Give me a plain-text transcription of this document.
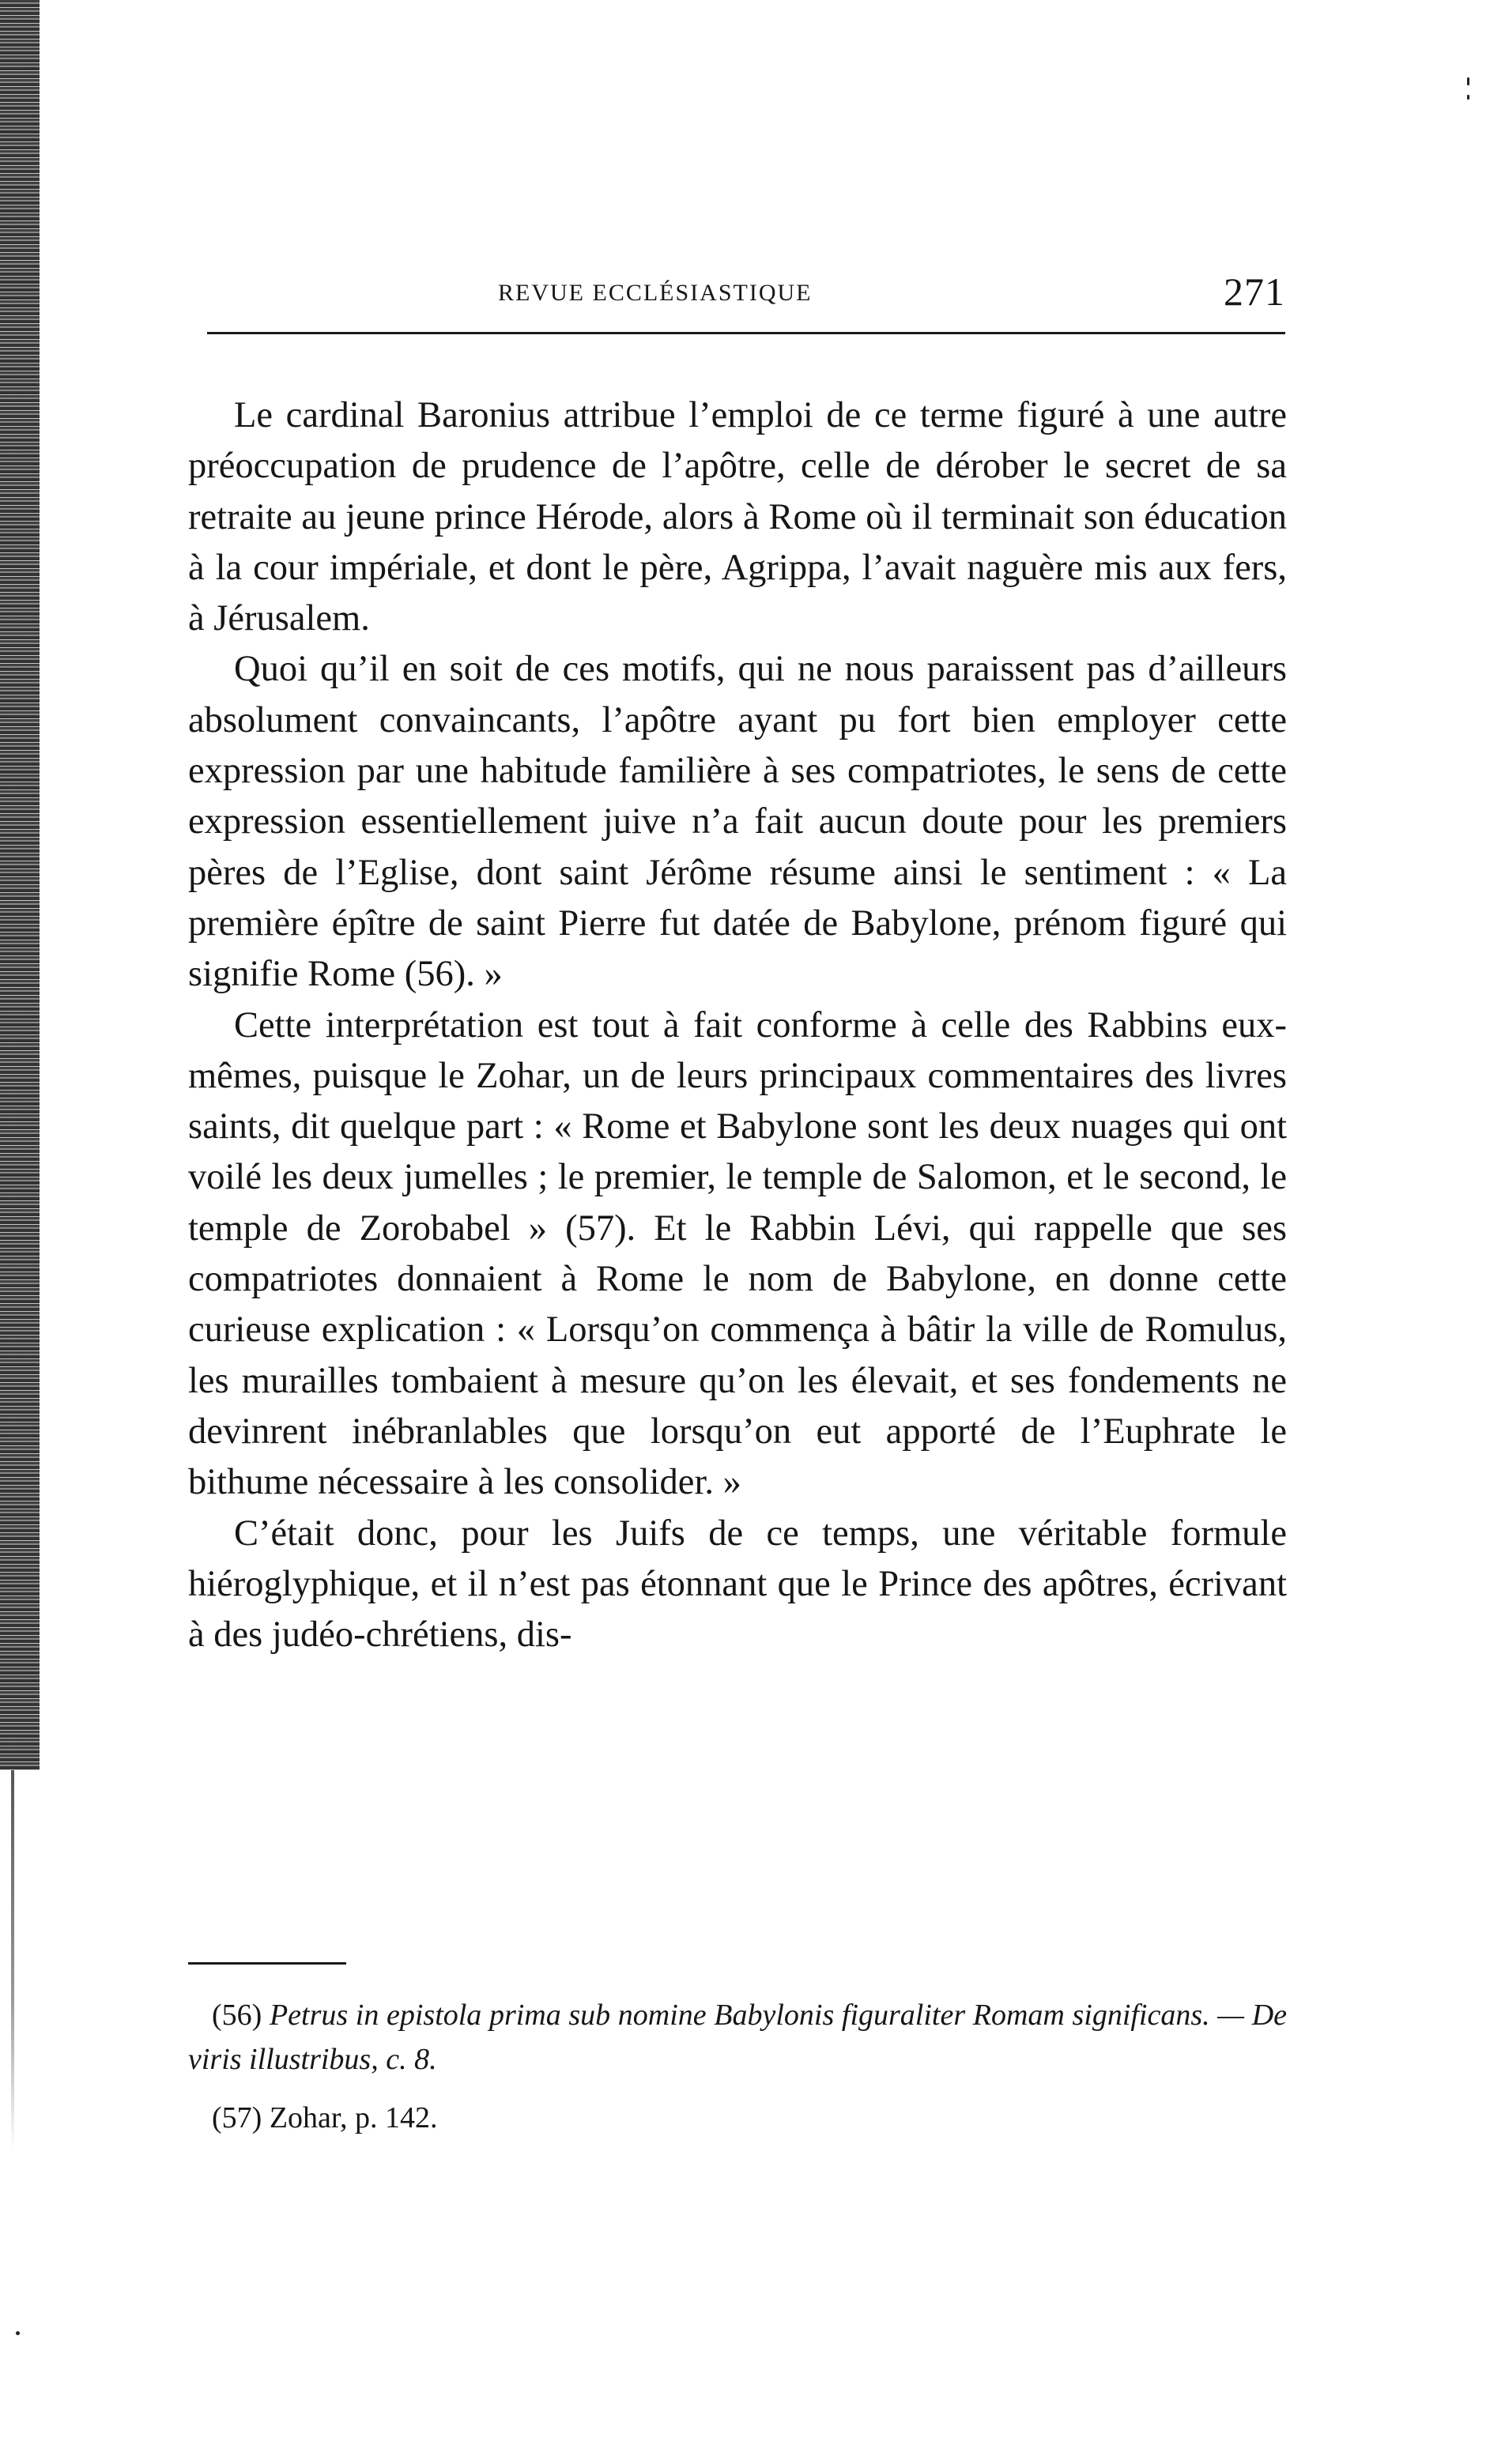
REVUE ECCLÉSIASTIQUE	271

Le cardinal Baronius attribue l’emploi de ce terme figuré à une autre préoccupation de prudence de l’apôtre, celle de dérober le secret de sa retraite au jeune prince Hérode, alors à Rome où il terminait son éducation à la cour impériale, et dont le père, Agrippa, l’avait naguère mis aux fers, à Jérusalem.

Quoi qu’il en soit de ces motifs, qui ne nous paraissent pas d’ailleurs absolument convaincants, l’apôtre ayant pu fort bien employer cette expression par une habitude familière à ses compatriotes, le sens de cette expression essentiellement juive n’a fait aucun doute pour les premiers pères de l’Eglise, dont saint Jérôme résume ainsi le sentiment : « La première épître de saint Pierre fut datée de Babylone, prénom figuré qui signifie Rome (56). »

Cette interprétation est tout à fait conforme à celle des Rabbins eux-mêmes, puisque le Zohar, un de leurs principaux commentaires des livres saints, dit quelque part : « Rome et Babylone sont les deux nuages qui ont voilé les deux jumelles ; le premier, le temple de Salomon, et le second, le temple de Zorobabel » (57). Et le Rabbin Lévi, qui rappelle que ses compatriotes donnaient à Rome le nom de Babylone, en donne cette curieuse explication : « Lorsqu’on commença à bâtir la ville de Romulus, les murailles tombaient à mesure qu’on les élevait, et ses fondements ne devinrent inébranlables que lorsqu’on eut apporté de l’Euphrate le bithume nécessaire à les consolider. »

C’était donc, pour les Juifs de ce temps, une véritable formule hiéroglyphique, et il n’est pas étonnant que le Prince des apôtres, écrivant à des judéo-chrétiens, dis-

(56) Petrus in epistola prima sub nomine Babylonis figuraliter Romam significans. — De viris illustribus, c. 8.

(57) Zohar, p. 142.
